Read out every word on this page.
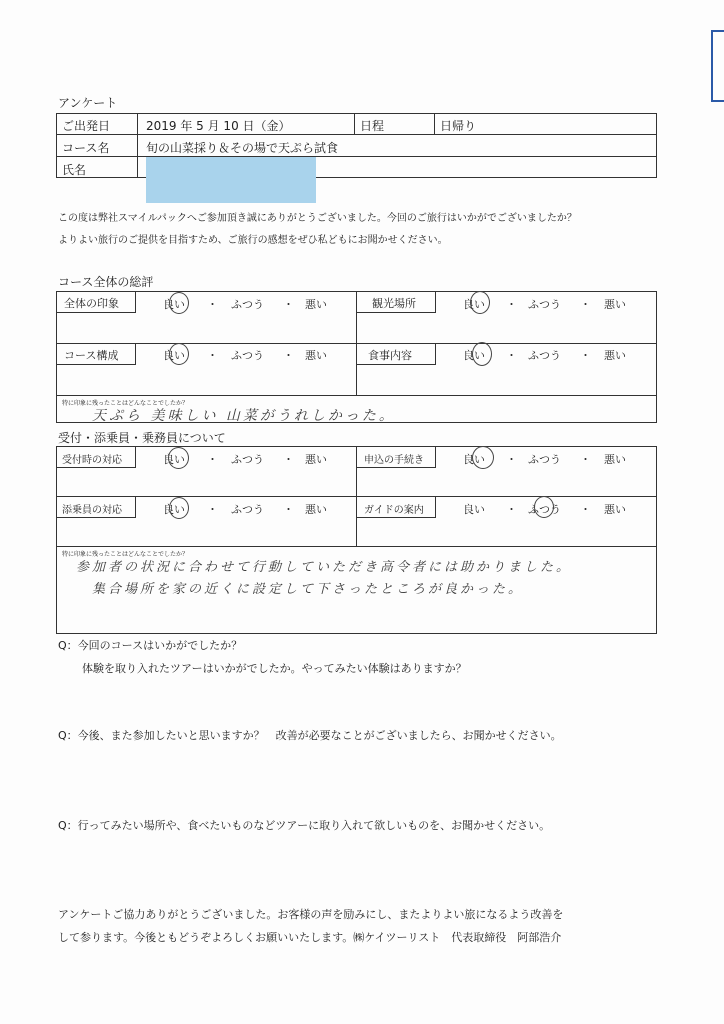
アンケート
ご出発日	2019 年 5 月 10 日（金）	日程	日帰り
コース名	旬の山菜採り＆その場で天ぷら試食
氏名
この度は弊社スマイルパックへご参加頂き誠にありがとうございました。今回のご旅行はいかがでございましたか？
よりよい旅行のご提供を目指すため、ご旅行の感想をぜひ私どもにお聞かせください。
コース全体の総評
全体の印象	良い ・ ふつう ・ 悪い	観光場所	良い ・ ふつう ・ 悪い
コース構成	良い ・ ふつう ・ 悪い	食事内容	良い ・ ふつう ・ 悪い
特に印象に残ったことはどんなことでしたか？
天ぷら 美味しい 山菜がうれしかった。
受付・添乗員・乗務員について
受付時の対応	良い ・ ふつう ・ 悪い	申込の手続き	良い ・ ふつう ・ 悪い
添乗員の対応	良い ・ ふつう ・ 悪い	ガイドの案内	良い ・ ふつう ・ 悪い
特に印象に残ったことはどんなことでしたか？
参加者の状況に合わせて行動していただき高令者には助かりました。
集合場所を家の近くに設定して下さったところが良かった。
Q：今回のコースはいかがでしたか？
体験を取り入れたツアーはいかがでしたか。やってみたい体験はありますか？
Q：今後、また参加したいと思いますか？　改善が必要なことがございましたら、お聞かせください。
Q：行ってみたい場所や、食べたいものなどツアーに取り入れて欲しいものを、お聞かせください。
アンケートご協力ありがとうございました。お客様の声を励みにし、またよりよい旅になるよう改善を
して参ります。今後ともどうぞよろしくお願いいたします。㈱ケイツーリスト　代表取締役　阿部浩介
